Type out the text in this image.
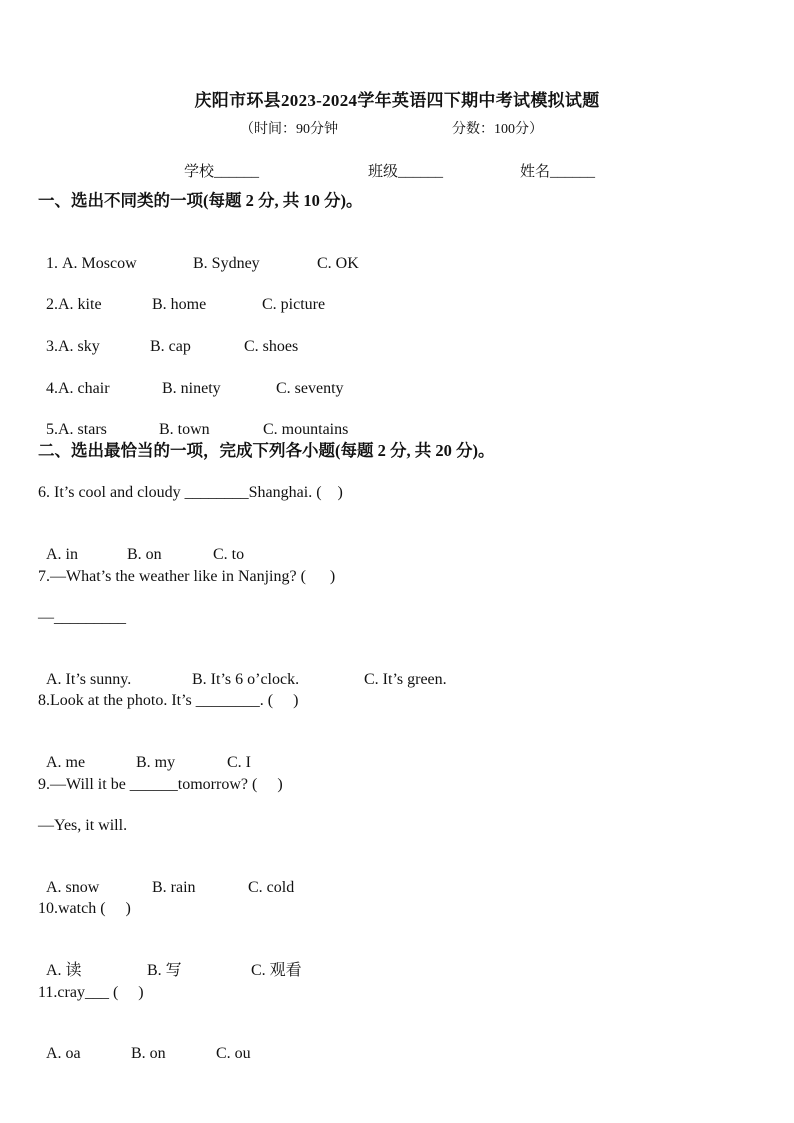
庆阳市环县2023-2024学年英语四下期中考试模拟试题
（时间：90分钟	分数：100分）
学校______	班级______	姓名______
一、选出不同类的一项(每题 2 分, 共 10 分)。

1. A. Moscow	B. Sydney	C. OK

2.A. kite	B. home	C. picture

3.A. sky	B. cap	C. shoes

4.A. chair	B. ninety	C. seventy

5.A. stars	B. town	C. mountains

二、选出最恰当的一项，完成下列各小题(每题 2 分, 共 20 分)。
6. It’s cool and cloudy ________Shanghai. (    )

A. in	B. on	C. to

7.—What’s the weather like in Nanjing? (      )
—_________

A. It’s sunny.	B. It’s 6 o’clock.	C. It’s green.

8.Look at the photo. It’s ________. (     )

A. me	B. my	C. I

9.—Will it be ______tomorrow? (     )
—Yes, it will.

A. snow	B. rain	C. cold

10.watch (     )

A. 读	B. 写	C. 观看

11.cray___ (     )

A. oa	B. on	C. ou
